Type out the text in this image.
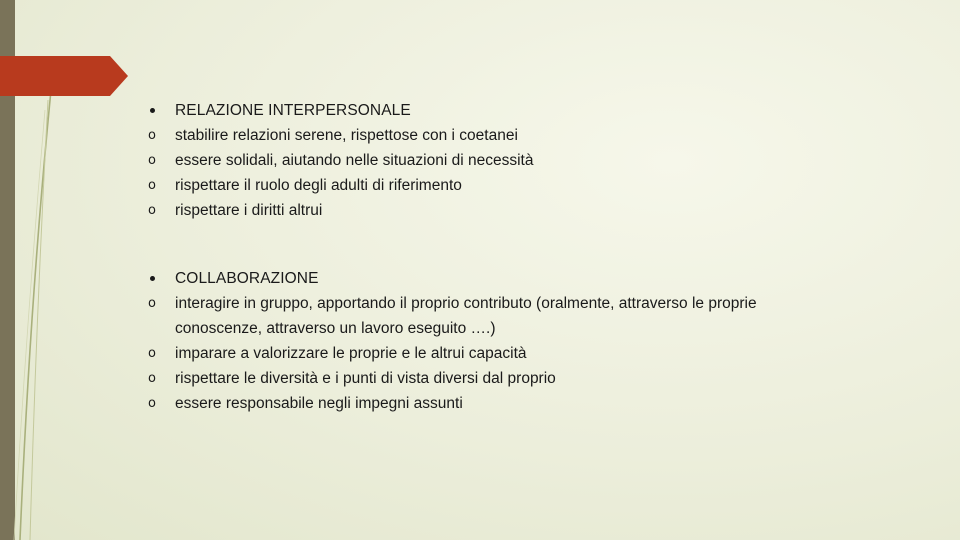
RELAZIONE INTERPERSONALE
o	stabilire relazioni serene, rispettose con i coetanei
o	essere solidali, aiutando nelle situazioni di necessità
o	rispettare il ruolo degli adulti di riferimento
o	rispettare i diritti altrui
COLLABORAZIONE
o	interagire in gruppo, apportando il proprio contributo (oralmente, attraverso le proprie conoscenze, attraverso un lavoro eseguito ….)
o	imparare a valorizzare le proprie e le altrui capacità
o	rispettare le diversità e i punti di vista diversi dal proprio
o	essere responsabile negli impegni assunti
